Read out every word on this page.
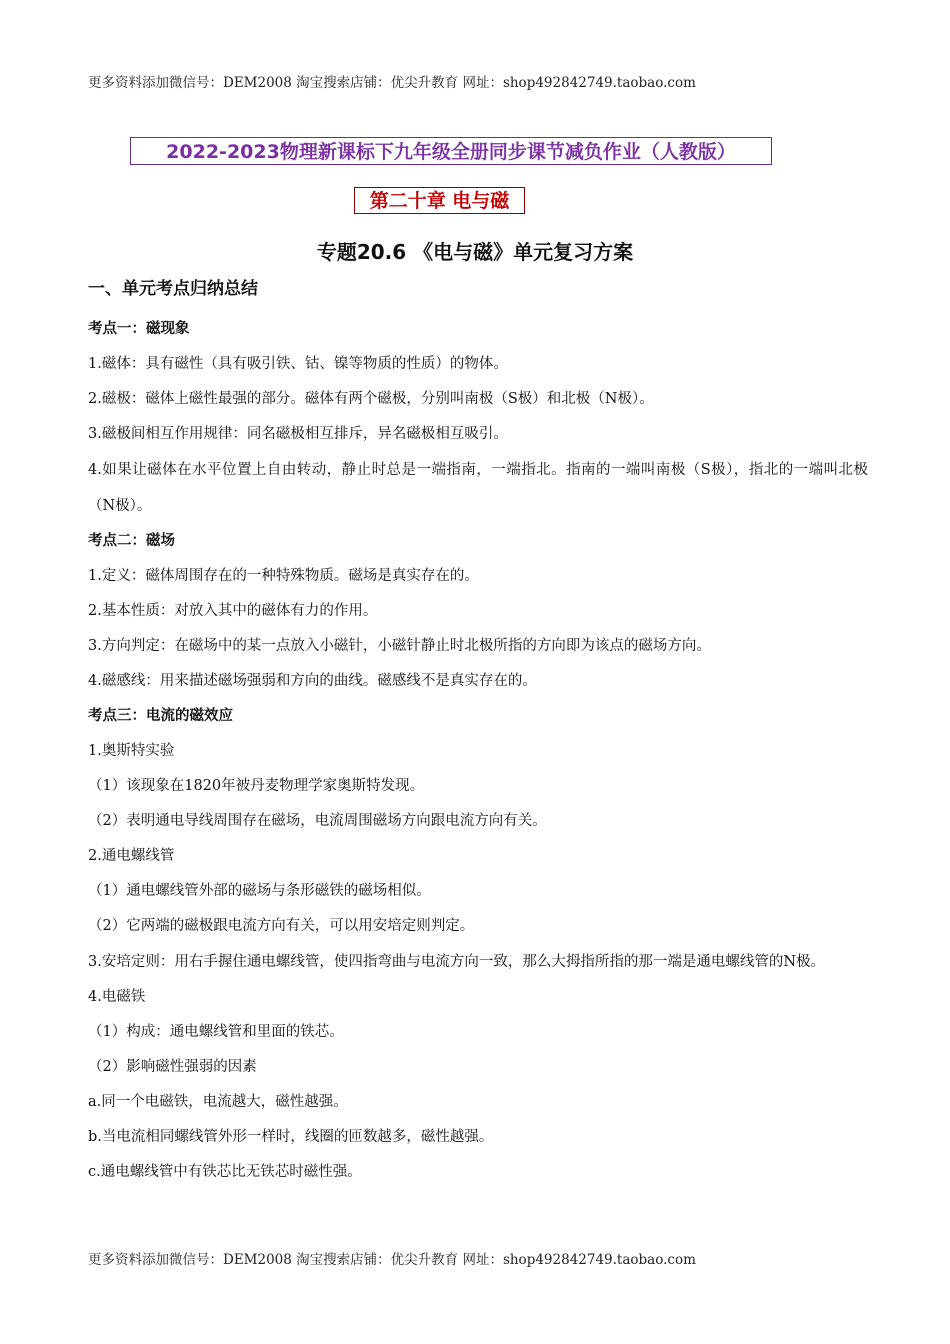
更多资料添加微信号：DEM2008 淘宝搜索店铺：优尖升教育 网址：shop492842749.taobao.com
2022-2023物理新课标下九年级全册同步课节减负作业（人教版）
第二十章 电与磁
专题20.6 《电与磁》单元复习方案
一、单元考点归纳总结
考点一：磁现象
1.磁体：具有磁性（具有吸引铁、钴、镍等物质的性质）的物体。
2.磁极：磁体上磁性最强的部分。磁体有两个磁极，分别叫南极（S极）和北极（N极）。
3.磁极间相互作用规律：同名磁极相互排斥，异名磁极相互吸引。
4.如果让磁体在水平位置上自由转动，静止时总是一端指南，一端指北。指南的一端叫南极（S极），指北的一端叫北极（N极）。
考点二：磁场
1.定义：磁体周围存在的一种特殊物质。磁场是真实存在的。
2.基本性质：对放入其中的磁体有力的作用。
3.方向判定：在磁场中的某一点放入小磁针，小磁针静止时北极所指的方向即为该点的磁场方向。
4.磁感线：用来描述磁场强弱和方向的曲线。磁感线不是真实存在的。
考点三：电流的磁效应
1.奥斯特实验
（1）该现象在1820年被丹麦物理学家奥斯特发现。
（2）表明通电导线周围存在磁场，电流周围磁场方向跟电流方向有关。
2.通电螺线管
（1）通电螺线管外部的磁场与条形磁铁的磁场相似。
（2）它两端的磁极跟电流方向有关，可以用安培定则判定。
3.安培定则：用右手握住通电螺线管，使四指弯曲与电流方向一致，那么大拇指所指的那一端是通电螺线管的N极。
4.电磁铁
（1）构成：通电螺线管和里面的铁芯。
（2）影响磁性强弱的因素
a.同一个电磁铁，电流越大，磁性越强。
b.当电流相同螺线管外形一样时，线圈的匝数越多，磁性越强。
c.通电螺线管中有铁芯比无铁芯时磁性强。
更多资料添加微信号：DEM2008 淘宝搜索店铺：优尖升教育 网址：shop492842749.taobao.com
